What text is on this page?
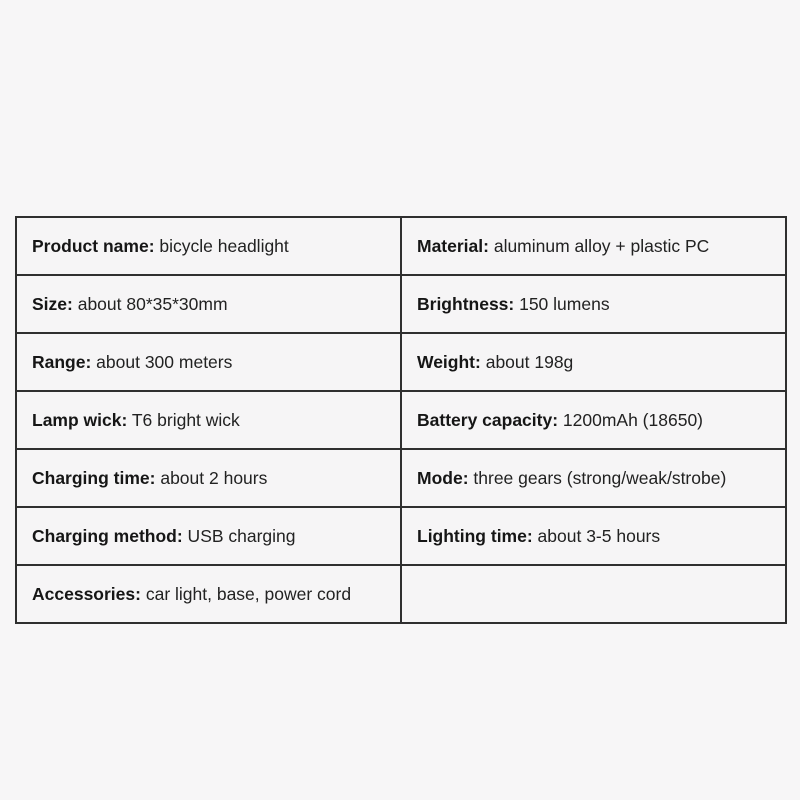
Product name: bicycle headlight	Material: aluminum alloy + plastic PC
Size: about 80*35*30mm	Brightness: 150 lumens
Range: about 300 meters	Weight: about 198g
Lamp wick: T6 bright wick	Battery capacity: 1200mAh (18650)
Charging time: about 2 hours	Mode: three gears (strong/weak/strobe)
Charging method: USB charging	Lighting time: about 3-5 hours
Accessories: car light, base, power cord	
